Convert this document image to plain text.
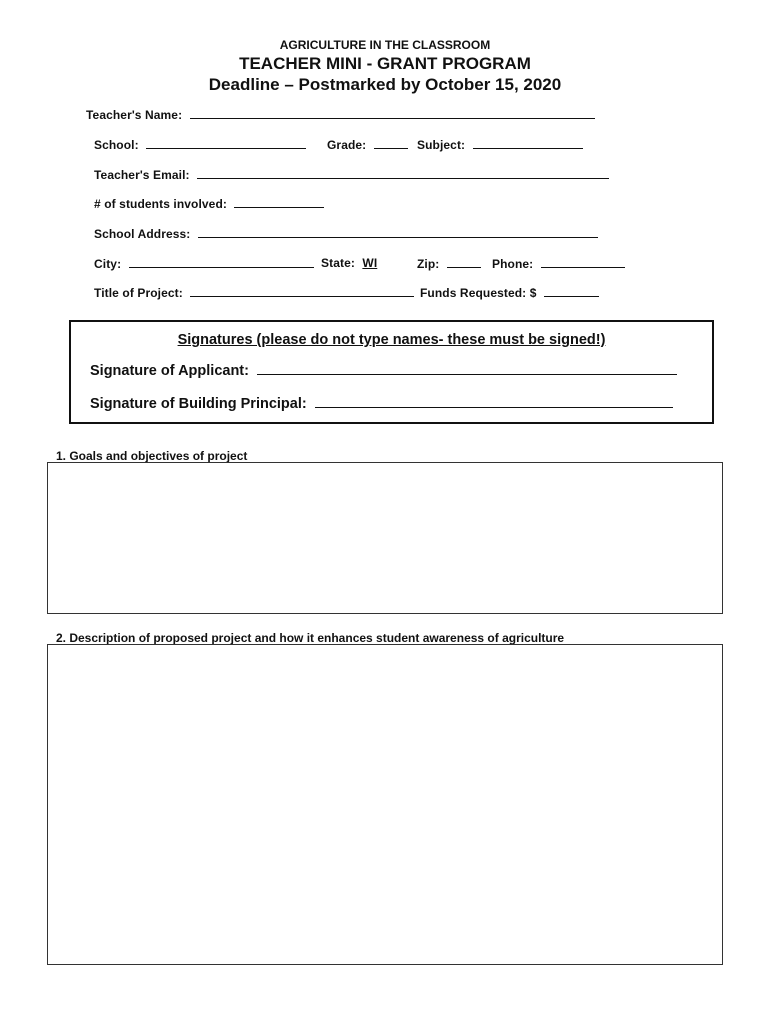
AGRICULTURE IN THE CLASSROOM
TEACHER MINI - GRANT PROGRAM
Deadline – Postmarked by October 15, 2020
Teacher's Name:
School:	Grade:	Subject:
Teacher's Email:
# of students involved:
School Address:
City:	State: WI	Zip:	Phone:
Title of Project:	Funds Requested: $
Signatures (please do not type names- these must be signed!)
Signature of Applicant:
Signature of Building Principal:
1. Goals and objectives of project
2. Description of proposed project and how it enhances student awareness of agriculture
